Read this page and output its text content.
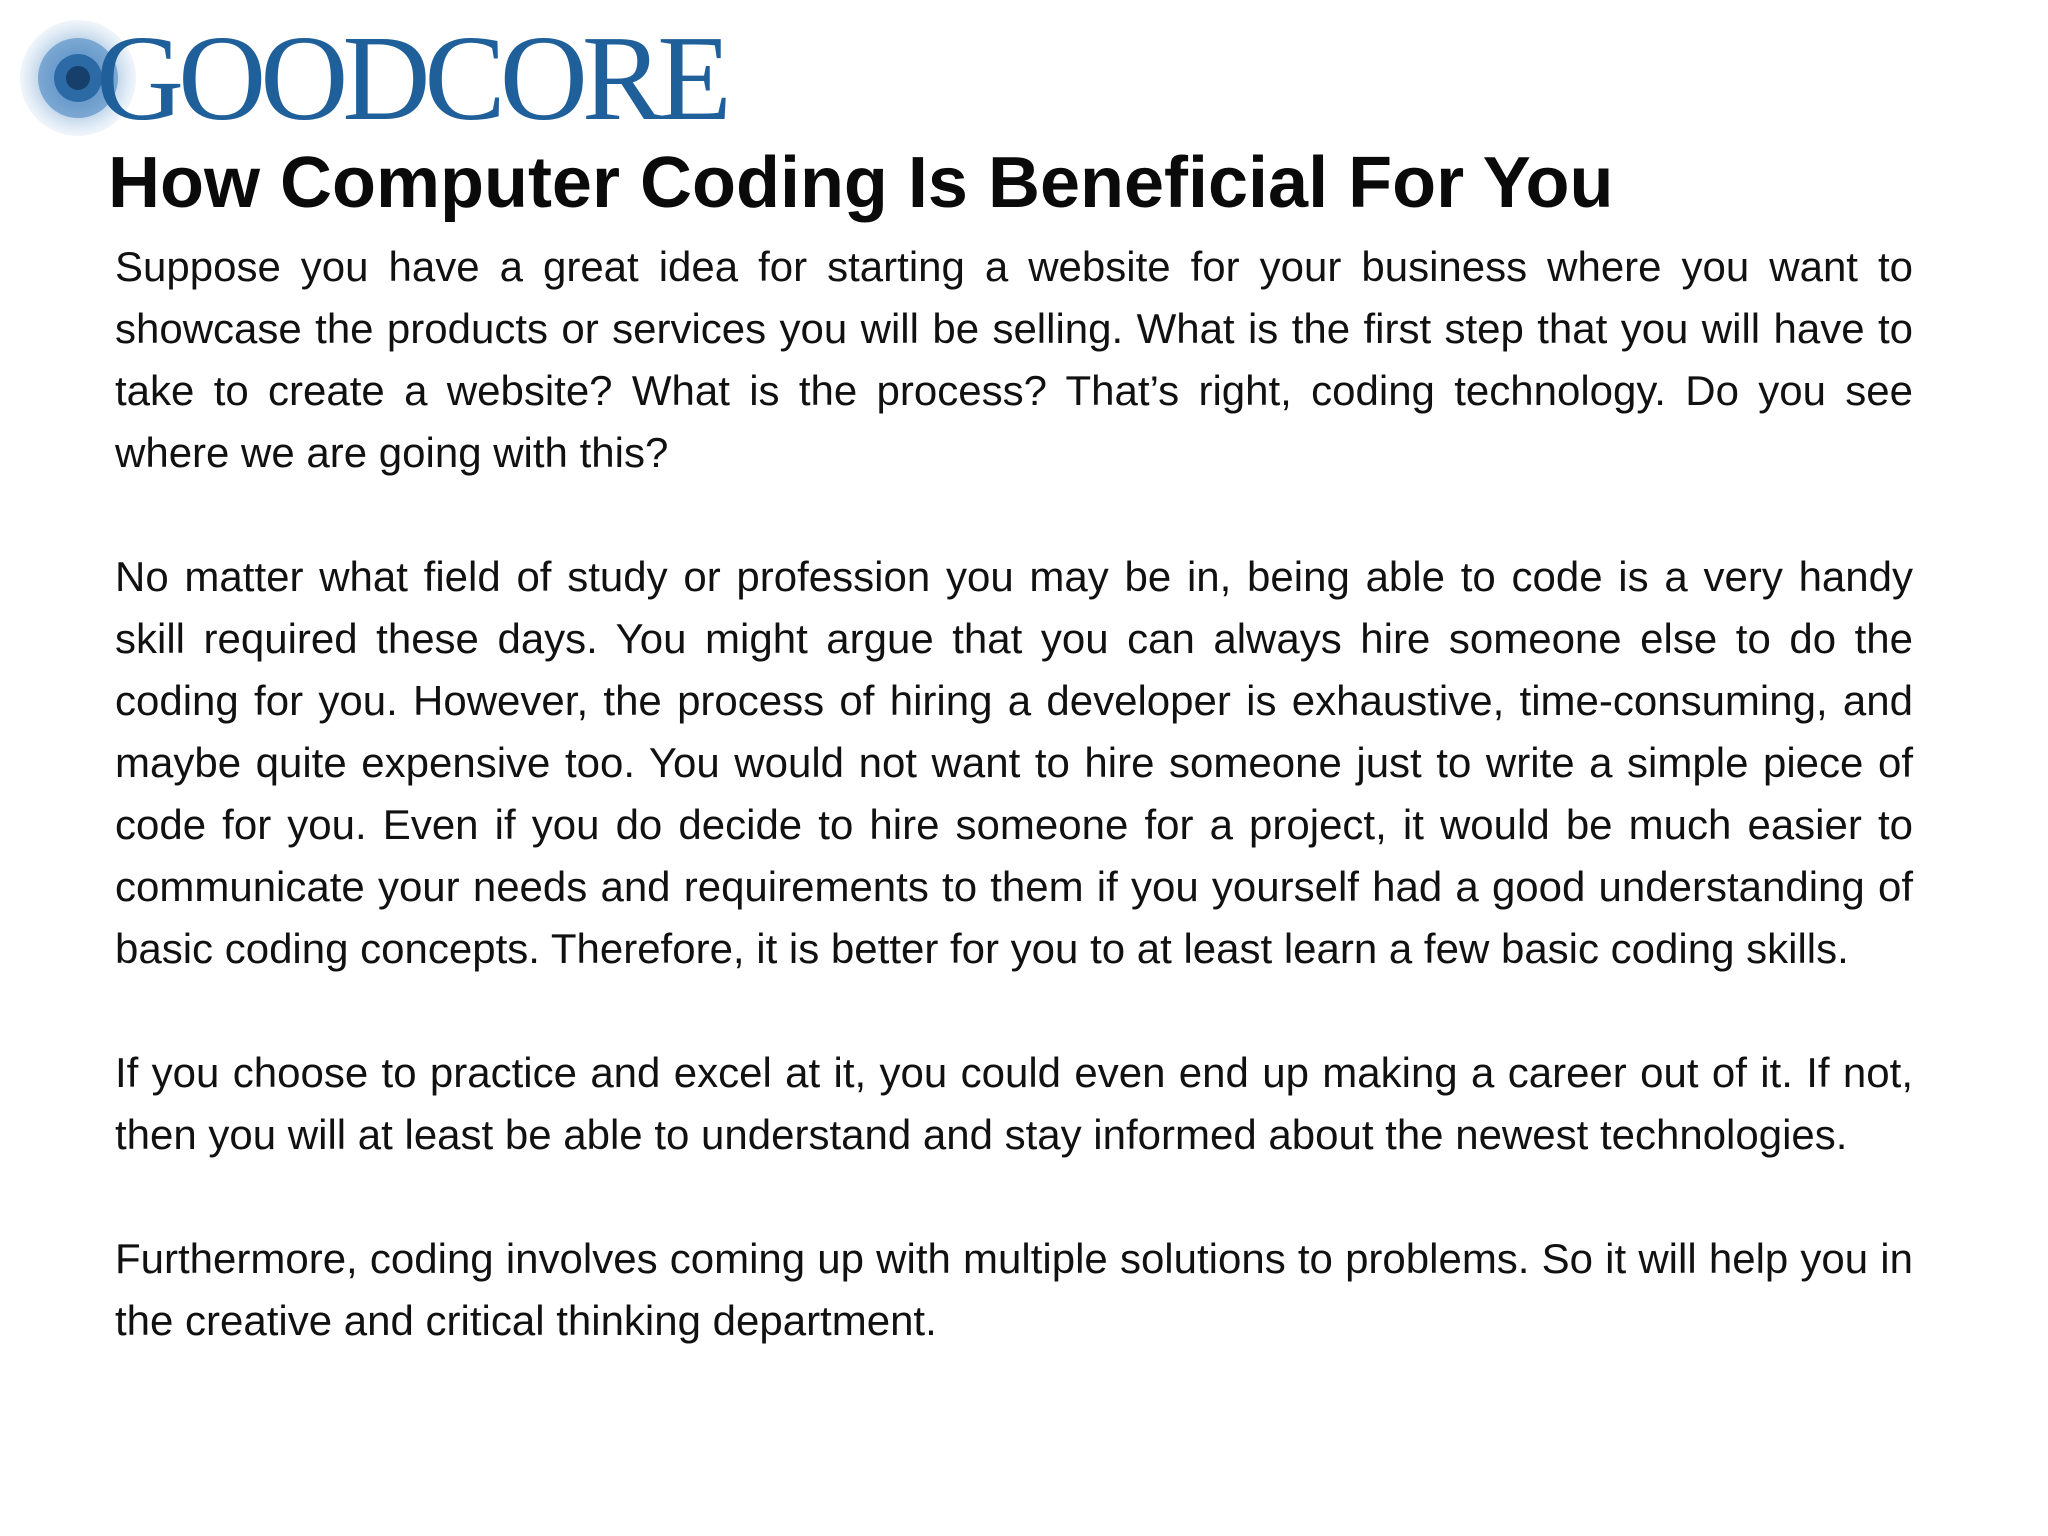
GOODCORE
How Computer Coding Is Beneficial For You

Suppose you have a great idea for starting a website for your business where you want to showcase the products or services you will be selling. What is the first step that you will have to take to create a website? What is the process? That’s right, coding technology. Do you see where we are going with this?

No matter what field of study or profession you may be in, being able to code is a very handy skill required these days. You might argue that you can always hire someone else to do the coding for you. However, the process of hiring a developer is exhaustive, time-consuming, and maybe quite expensive too. You would not want to hire someone just to write a simple piece of code for you. Even if you do decide to hire someone for a project, it would be much easier to communicate your needs and requirements to them if you yourself had a good understanding of basic coding concepts. Therefore, it is better for you to at least learn a few basic coding skills.

If you choose to practice and excel at it, you could even end up making a career out of it. If not, then you will at least be able to understand and stay informed about the newest technologies.

Furthermore, coding involves coming up with multiple solutions to problems. So it will help you in the creative and critical thinking department.
